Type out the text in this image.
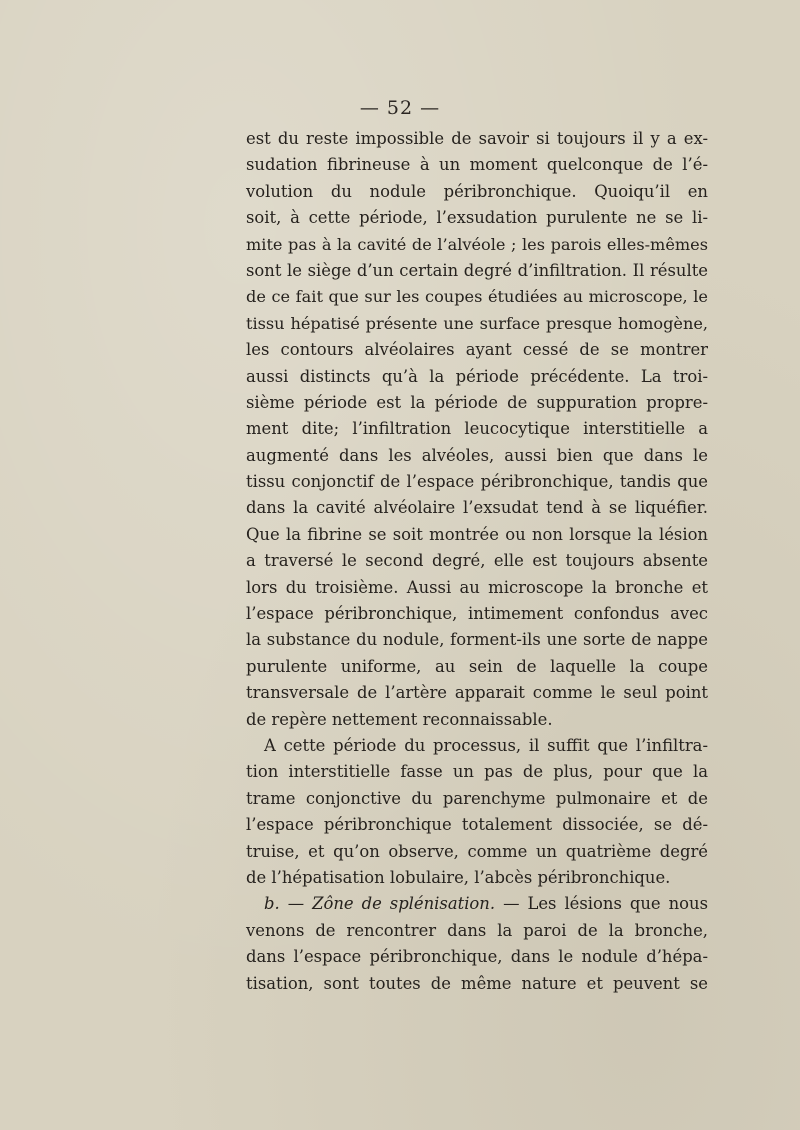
— 52 —
est du reste impossible de savoir si toujours il y a ex-
sudation fibrineuse à un moment quelconque de l’é-
volution du nodule péribronchique. Quoiqu’il en
soit, à cette période, l’exsudation purulente ne se li-
mite pas à la cavité de l’alvéole ; les parois elles-mêmes
sont le siège d’un certain degré d’infiltration. Il résulte
de ce fait que sur les coupes étudiées au microscope, le
tissu hépatisé présente une surface presque homogène,
les contours alvéolaires ayant cessé de se montrer
aussi distincts qu’à la période précédente. La troi-
sième période est la période de suppuration propre-
ment dite; l’infiltration leucocytique interstitielle a
augmenté dans les alvéoles, aussi bien que dans le
tissu conjonctif de l’espace péribronchique, tandis que
dans la cavité alvéolaire l’exsudat tend à se liquéfier.
Que la fibrine se soit montrée ou non lorsque la lésion
a traversé le second degré, elle est toujours absente
lors du troisième. Aussi au microscope la bronche et
l’espace péribronchique, intimement confondus avec
la substance du nodule, forment-ils une sorte de nappe
purulente uniforme, au sein de laquelle la coupe
transversale de l’artère apparait comme le seul point
de repère nettement reconnaissable.
A cette période du processus, il suffit que l’infiltra-
tion interstitielle fasse un pas de plus, pour que la
trame conjonctive du parenchyme pulmonaire et de
l’espace péribronchique totalement dissociée, se dé-
truise, et qu’on observe, comme un quatrième degré
de l’hépatisation lobulaire, l’abcès péribronchique.
b. — Zône de splénisation. — Les lésions que nous
venons de rencontrer dans la paroi de la bronche,
dans l’espace péribronchique, dans le nodule d’hépa-
tisation, sont toutes de même nature et peuvent se
